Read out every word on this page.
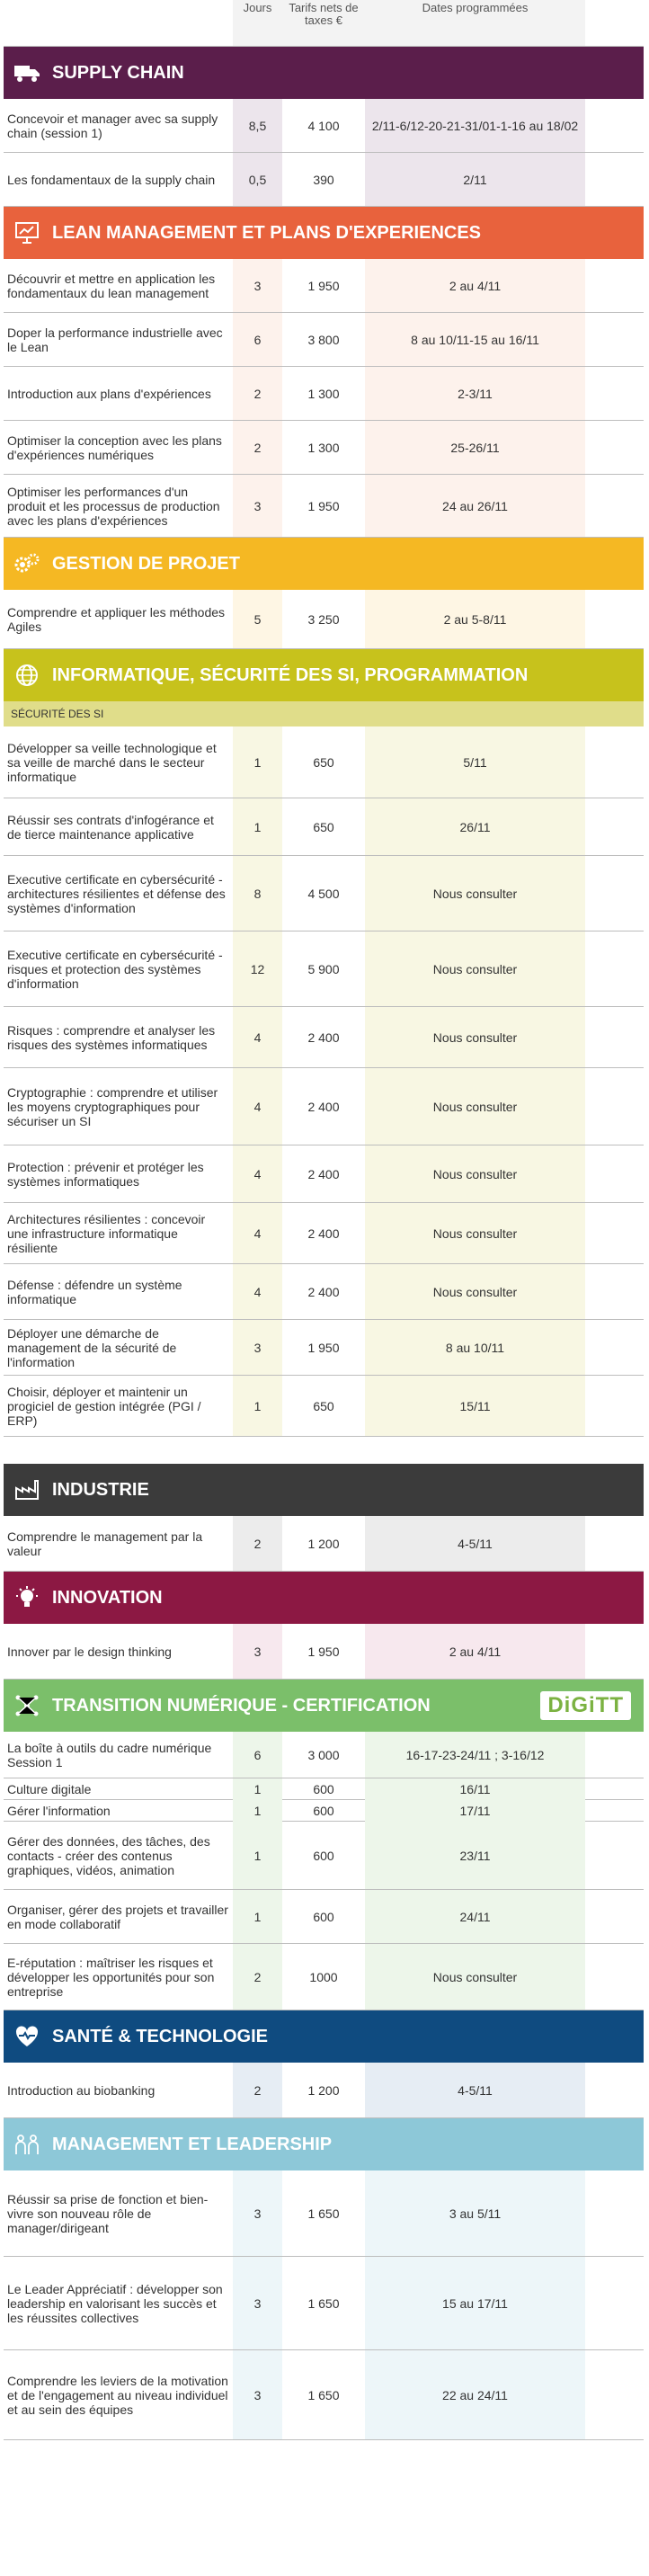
Jours	Tarifs nets de taxes €
Dates programmées
SUPPLY CHAIN
Concevoir et manager avec sa supply chain (session 1)	8,5	4 100	2/11-6/12-20-21-31/01-1-16 au 18/02
Les fondamentaux de la supply chain	0,5	390	2/11
LEAN MANAGEMENT ET PLANS D'EXPERIENCES
Découvrir et mettre en application les fondamentaux du lean management	3	1 950	2 au 4/11
Doper la performance industrielle avec le Lean	6	3 800	8 au 10/11-15 au 16/11
Introduction aux plans d'expériences	2	1 300	2-3/11
Optimiser la conception avec les plans d'expériences numériques	2	1 300	25-26/11
Optimiser les performances d'un produit et les processus de production avec les plans d'expériences
3	1 950	24 au 26/11
GESTION DE PROJET
Comprendre et appliquer les méthodes Agiles	5	3 250	2 au 5-8/11
INFORMATIQUE, SÉCURITÉ DES SI, PROGRAMMATION
SÉCURITÉ DES SI
Développer sa veille technologique et sa veille de marché dans le secteur informatique
1	650	5/11
Réussir ses contrats d'infogérance et de tierce maintenance applicative	1	650	26/11
Executive certificate en cybersécurité - architectures résilientes et défense des systèmes d'information
8	4 500	Nous consulter
Executive certificate en cybersécurité - risques et protection des systèmes d'information
12	5 900	Nous consulter
Risques : comprendre et analyser les risques des systèmes informatiques	4	2 400	Nous consulter
Cryptographie : comprendre et utiliser les moyens cryptographiques pour sécuriser un SI
4	2 400	Nous consulter
Protection : prévenir et protéger les systèmes informatiques	4	2 400	Nous consulter
Architectures résilientes : concevoir une infrastructure informatique résiliente
4	2 400	Nous consulter
Défense : défendre un système informatique	4	2 400	Nous consulter
Déployer une démarche de management de la sécurité de l'information
3	1 950	8 au 10/11
Choisir, déployer et maintenir un progiciel de gestion intégrée (PGI / ERP)
1	650	15/11
INDUSTRIE
Comprendre le management par la valeur	2	1 200	4-5/11
INNOVATION
Innover par le design thinking	3	1 950	2 au 4/11
TRANSITION NUMÉRIQUE - CERTIFICATION	DiGiTT
La boîte à outils du cadre numérique Session 1	6	3 000	16-17-23-24/11 ; 3-16/12
Culture digitale	1	600	16/11
Gérer l'information	1	600	17/11
Gérer des données, des tâches, des contacts - créer des contenus graphiques, vidéos, animation
1	600	23/11
Organiser, gérer des projets et travailler en mode collaboratif	1	600	24/11
E-réputation : maîtriser les risques et développer les opportunités pour son entreprise
2	1000	Nous consulter
SANTÉ & TECHNOLOGIE
Introduction au biobanking	2	1 200	4-5/11
MANAGEMENT ET LEADERSHIP
Réussir sa prise de fonction et bien-vivre son nouveau rôle de manager/dirigeant
3	1 650	3 au 5/11
Le Leader Appréciatif : développer son leadership en valorisant les succès et les réussites collectives
3	1 650	15 au 17/11
Comprendre les leviers de la motivation et de l'engagement au niveau individuel et au sein des équipes
3	1 650	22 au 24/11
